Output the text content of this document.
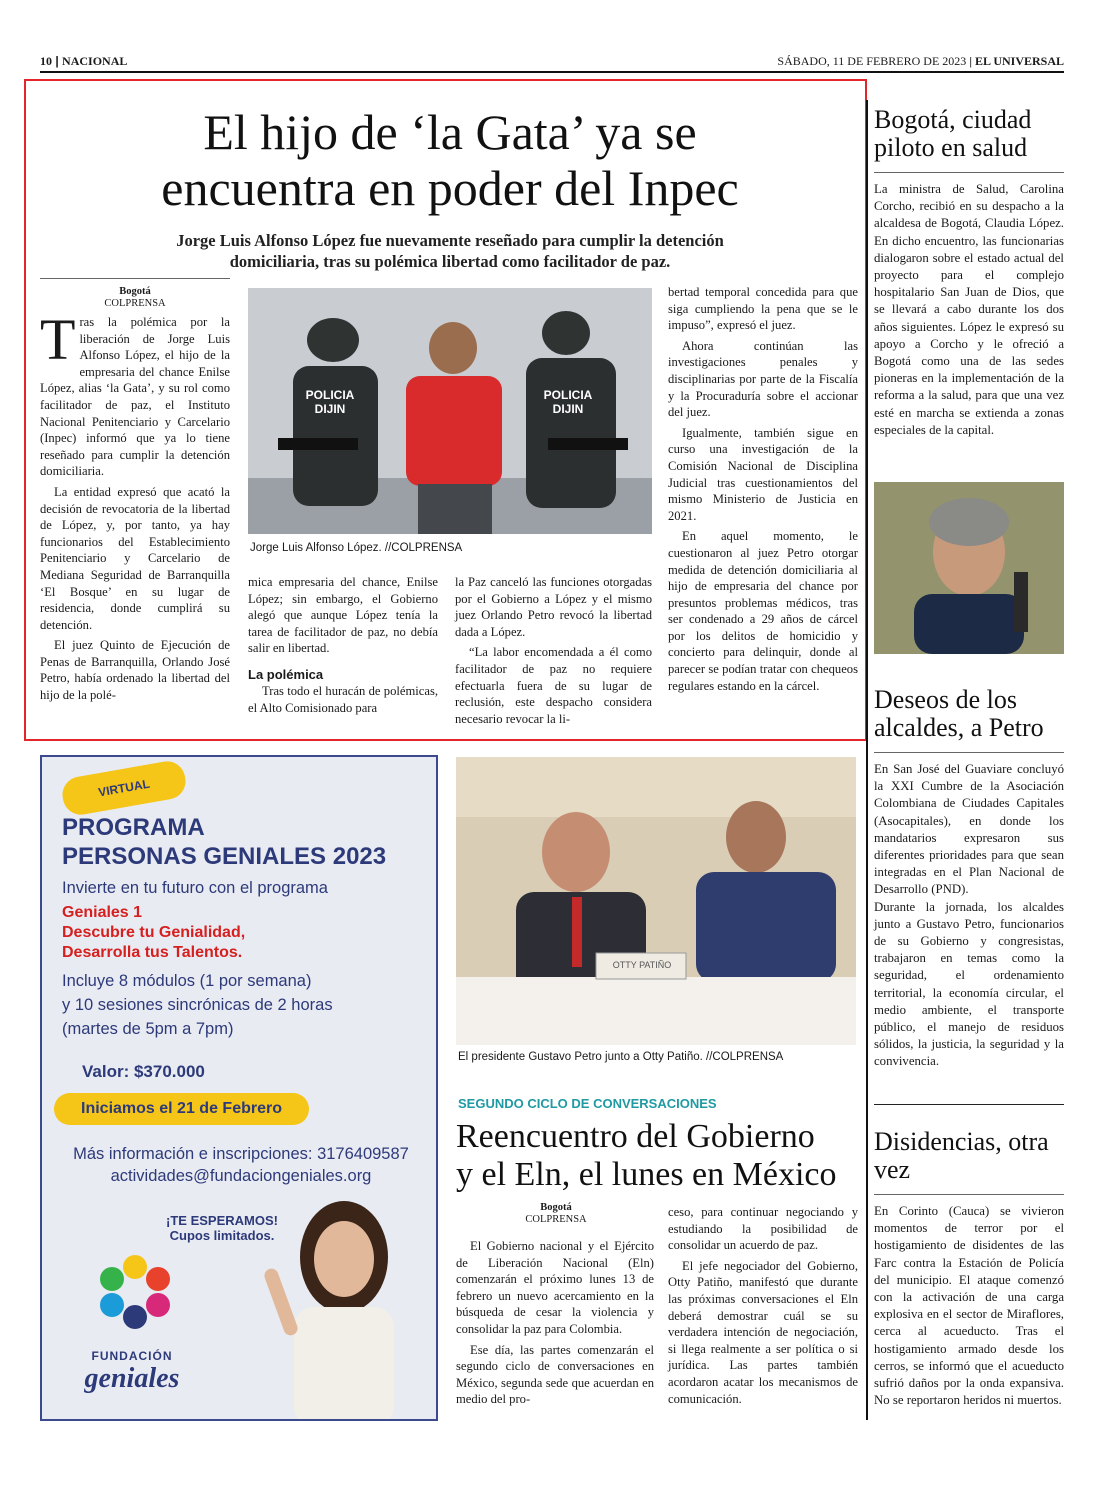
10 | NACIONAL	SÁBADO, 11 DE FEBRERO DE 2023 | EL UNIVERSAL
El hijo de ‘la Gata’ ya se
encuentra en poder del Inpec
Jorge Luis Alfonso López fue nuevamente reseñado para cumplir la detención
domiciliaria, tras su polémica libertad como facilitador de paz.
Bogotá
COLPRENSA

Tras la polémica por la liberación de Jorge Luis Alfonso López, el hijo de la empresaria del chance Enilse López, alias ‘la Gata’, y su rol como facilitador de paz, el Instituto Nacional Penitenciario y Carcelario (Inpec) informó que ya lo tiene reseñado para cumplir la detención domiciliaria.

La entidad expresó que acató la decisión de revocatoria de la libertad de López, y, por tanto, ya hay funcionarios del Establecimiento Penitenciario y Carcelario de Mediana Seguridad de Barranquilla ‘El Bosque’ en su lugar de residencia, donde cumplirá su detención.

El juez Quinto de Ejecución de Penas de Barranquilla, Orlando José Petro, había ordenado la libertad del hijo de la polé-

POLICIA DIJIN
POLICIA DIJIN
Jorge Luis Alfonso López. //COLPRENSA

mica empresaria del chance, Enilse López; sin embargo, el Gobierno alegó que aunque López tenía la tarea de facilitador de paz, no debía salir en libertad.

La polémica

Tras todo el huracán de polémicas, el Alto Comisionado para

la Paz canceló las funciones otorgadas por el Gobierno a López y el mismo juez Orlando Petro revocó la libertad dada a López.

“La labor encomendada a él como facilitador de paz no requiere efectuarla fuera de su lugar de reclusión, este despacho considera necesario revocar la li-

bertad temporal concedida para que siga cumpliendo la pena que se le impuso”, expresó el juez.

Ahora continúan las investigaciones penales y disciplinarias por parte de la Fiscalía y la Procuraduría sobre el accionar del juez.

Igualmente, también sigue en curso una investigación de la Comisión Nacional de Disciplina Judicial tras cuestionamientos del mismo Ministerio de Justicia en 2021.

En aquel momento, le cuestionaron al juez Petro otorgar medida de detención domiciliaria al hijo de empresaria del chance por presuntos problemas médicos, tras ser condenado a 29 años de cárcel por los delitos de homicidio y concierto para delinquir, donde al parecer se podían tratar con chequeos regulares estando en la cárcel.

Bogotá, ciudad piloto en salud
La ministra de Salud, Carolina Corcho, recibió en su despacho a la alcaldesa de Bogotá, Claudia López. En dicho encuentro, las funcionarias dialogaron sobre el estado actual del proyecto para el complejo hospitalario San Juan de Dios, que se llevará a cabo durante los dos años siguientes. López le expresó su apoyo a Corcho y le ofreció a Bogotá como una de las sedes pioneras en la implementación de la reforma a la salud, para que una vez esté en marcha se extienda a zonas especiales de la capital.
Deseos de los alcaldes, a Petro
En San José del Guaviare concluyó la XXI Cumbre de la Asociación Colombiana de Ciudades Capitales (Asocapitales), en donde los mandatarios expresaron sus diferentes prioridades para que sean integradas en el Plan Nacional de Desarrollo (PND).
Durante la jornada, los alcaldes junto a Gustavo Petro, funcionarios de su Gobierno y congresistas, trabajaron en temas como la seguridad, el ordenamiento territorial, la economía circular, el medio ambiente, el transporte público, el manejo de residuos sólidos, la justicia, la seguridad y la convivencia.
Disidencias, otra vez
En Corinto (Cauca) se vivieron momentos de terror por el hostigamiento de disidentes de las Farc contra la Estación de Policía del municipio. El ataque comenzó con la activación de una carga explosiva en el sector de Miraflores, cerca al acueducto. Tras el hostigamiento armado desde los cerros, se informó que el acueducto sufrió daños por la onda expansiva. No se reportaron heridos ni muertos.
VIRTUAL
PROGRAMA
PERSONAS GENIALES 2023
Invierte en tu futuro con el programa
Geniales 1
Descubre tu Genialidad,
Desarrolla tus Talentos.
Incluye 8 módulos (1 por semana)
y 10 sesiones sincrónicas de 2 horas
(martes de 5pm a 7pm)
Valor: $370.000
Iniciamos el 21 de Febrero
Más información e inscripciones: 3176409587
actividades@fundaciongeniales.org
¡TE ESPERAMOS!
Cupos limitados.
FUNDACIÓN
geniales
OTTY PATIÑO
El presidente Gustavo Petro junto a Otty Patiño. //COLPRENSA
SEGUNDO CICLO DE CONVERSACIONES
Reencuentro del Gobierno
y el Eln, el lunes en México
Bogotá
COLPRENSA

El Gobierno nacional y el Ejército de Liberación Nacional (Eln) comenzarán el próximo lunes 13 de febrero un nuevo acercamiento en la búsqueda de cesar la violencia y consolidar la paz para Colombia.

Ese día, las partes comenzarán el segundo ciclo de conversaciones en México, segunda sede que acuerdan en medio del pro-

ceso, para continuar negociando y estudiando la posibilidad de consolidar un acuerdo de paz.

El jefe negociador del Gobierno, Otty Patiño, manifestó que durante las próximas conversaciones el Eln deberá demostrar cuál se su verdadera intención de negociación, si llega realmente a ser política o si jurídica. Las partes también acordaron acatar los mecanismos de comunicación.
